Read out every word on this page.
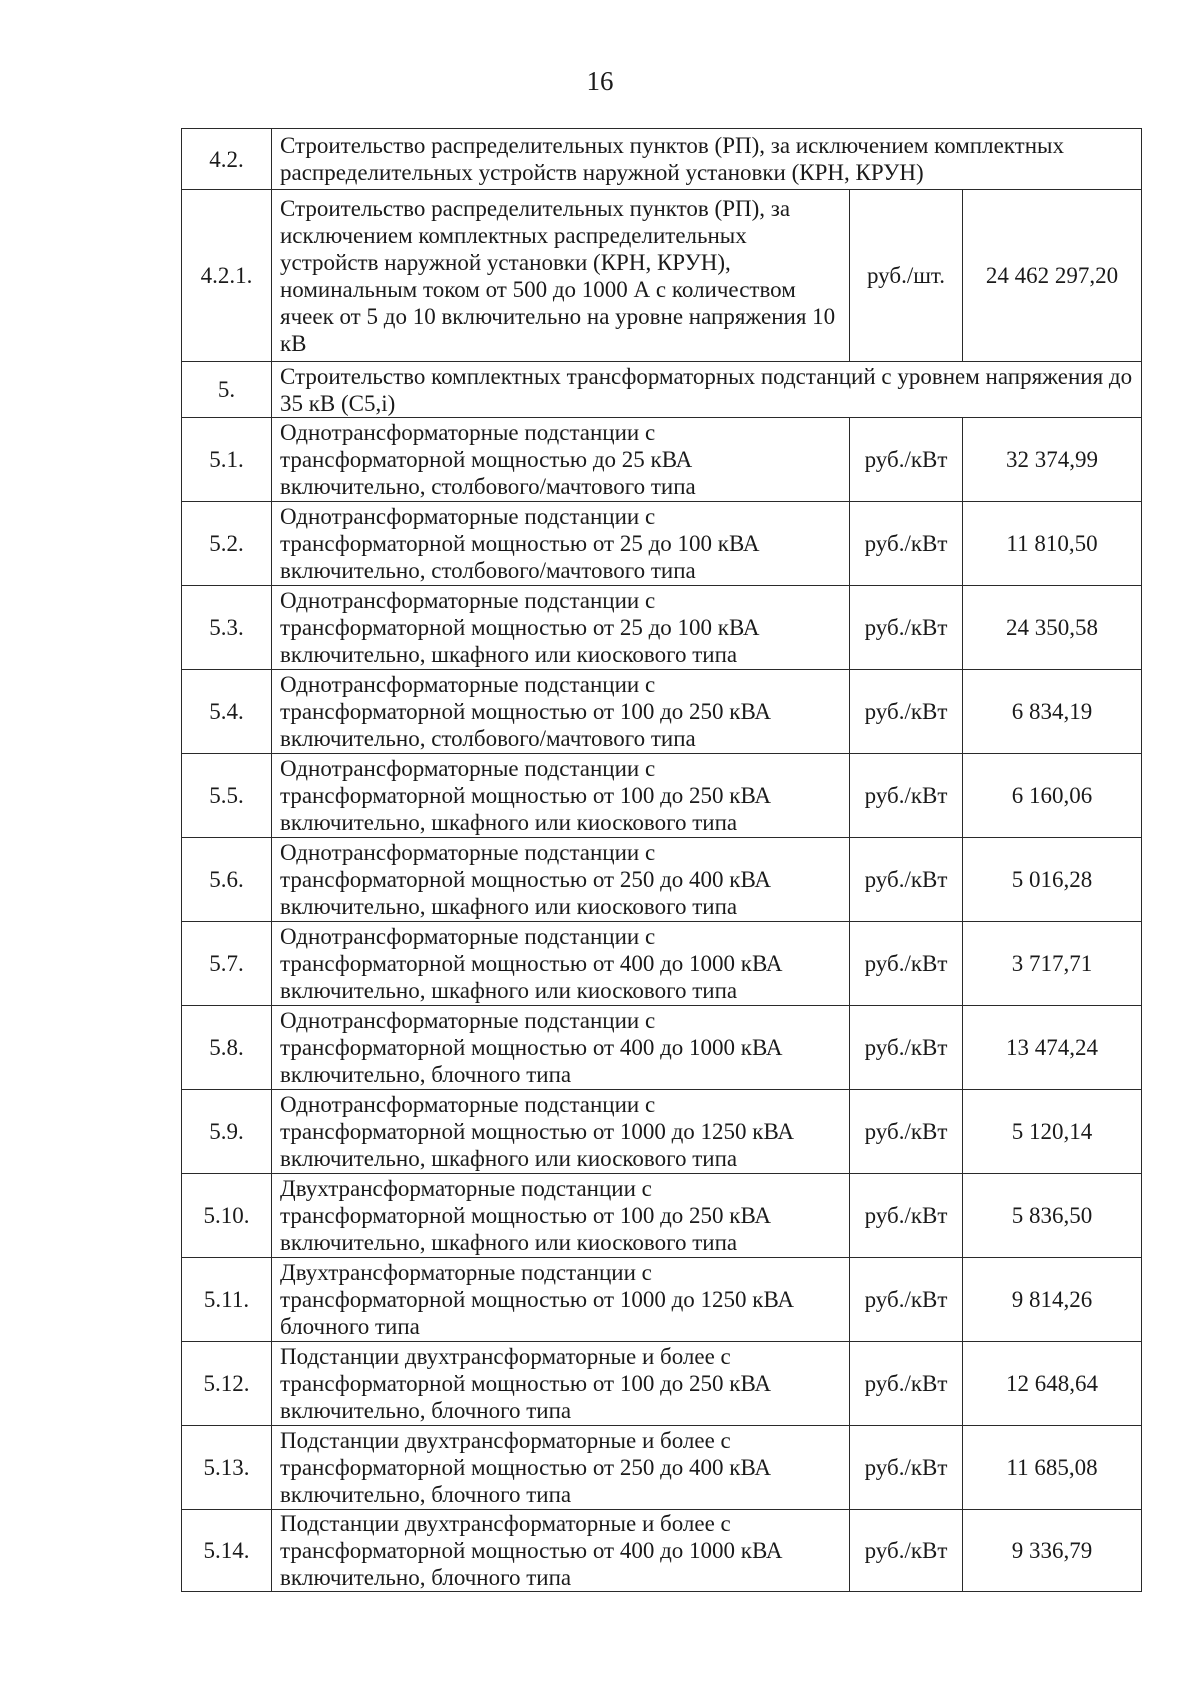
16
4.2.	Строительство распределительных пунктов (РП), за исключением комплектных распределительных устройств наружной установки (КРН, КРУН)		
4.2.1.	Строительство распределительных пунктов (РП), за исключением комплектных распределительных устройств наружной установки (КРН, КРУН), номинальным током от 500 до 1000 А с количеством ячеек от 5 до 10 включительно на уровне напряжения 10 кВ	руб./шт.	24 462 297,20
5.	Строительство комплектных трансформаторных подстанций с уровнем напряжения до 35 кВ (С5,i)		
5.1.	Однотрансформаторные подстанции с трансформаторной мощностью до 25 кВА включительно, столбового/мачтового типа	руб./кВт	32 374,99
5.2.	Однотрансформаторные подстанции с трансформаторной мощностью от 25 до 100 кВА включительно, столбового/мачтового типа	руб./кВт	11 810,50
5.3.	Однотрансформаторные подстанции с трансформаторной мощностью от 25 до 100 кВА включительно, шкафного или киоскового типа	руб./кВт	24 350,58
5.4.	Однотрансформаторные подстанции с трансформаторной мощностью от 100 до 250 кВА включительно, столбового/мачтового типа	руб./кВт	6 834,19
5.5.	Однотрансформаторные подстанции с трансформаторной мощностью от 100 до 250 кВА включительно, шкафного или киоскового типа	руб./кВт	6 160,06
5.6.	Однотрансформаторные подстанции с трансформаторной мощностью от 250 до 400 кВА включительно, шкафного или киоскового типа	руб./кВт	5 016,28
5.7.	Однотрансформаторные подстанции с трансформаторной мощностью от 400 до 1000 кВА включительно, шкафного или киоскового типа	руб./кВт	3 717,71
5.8.	Однотрансформаторные подстанции с трансформаторной мощностью от 400 до 1000 кВА включительно, блочного типа	руб./кВт	13 474,24
5.9.	Однотрансформаторные подстанции с трансформаторной мощностью от 1000 до 1250 кВА включительно, шкафного или киоскового типа	руб./кВт	5 120,14
5.10.	Двухтрансформаторные подстанции с трансформаторной мощностью от 100 до 250 кВА включительно, шкафного или киоскового типа	руб./кВт	5 836,50
5.11.	Двухтрансформаторные подстанции с трансформаторной мощностью от 1000 до 1250 кВА блочного типа	руб./кВт	9 814,26
5.12.	Подстанции двухтрансформаторные и более с трансформаторной мощностью от 100 до 250 кВА включительно, блочного типа	руб./кВт	12 648,64
5.13.	Подстанции двухтрансформаторные и более с трансформаторной мощностью от 250 до 400 кВА включительно, блочного типа	руб./кВт	11 685,08
5.14.	Подстанции двухтрансформаторные и более с трансформаторной мощностью от 400 до 1000 кВА включительно, блочного типа	руб./кВт	9 336,79
